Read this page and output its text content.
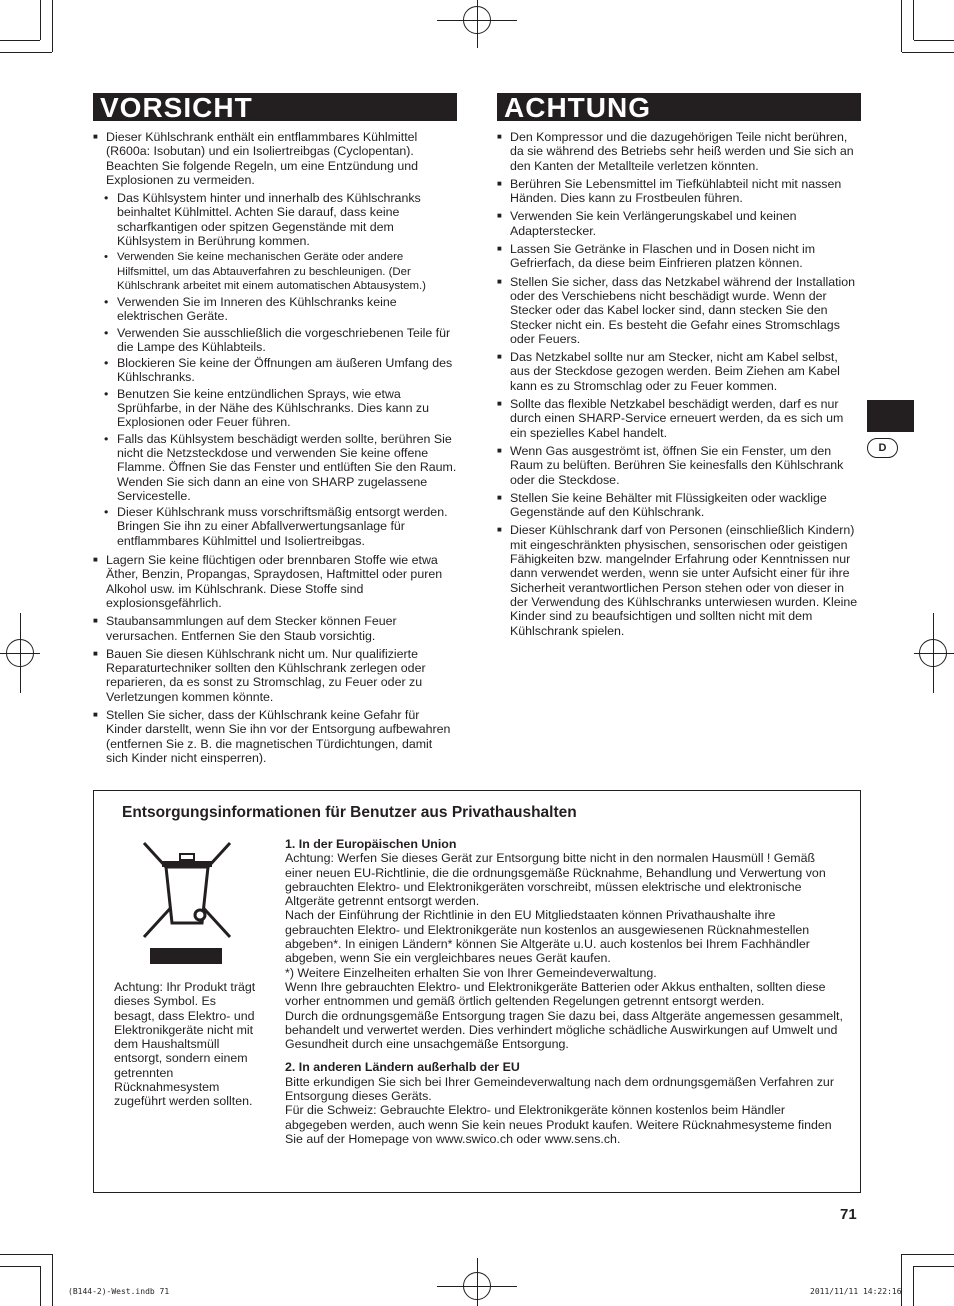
VORSICHT
■ Dieser Kühlschrank enthält ein entflammbares Kühlmittel (R600a: Isobutan) und ein Isoliertreibgas (Cyclopentan). Beachten Sie folgende Regeln, um eine Entzündung und Explosionen zu vermeiden.
• Das Kühlsystem hinter und innerhalb des Kühlschranks beinhaltet Kühlmittel. Achten Sie darauf, dass keine scharfkantigen oder spitzen Gegenstände mit dem Kühlsystem in Berührung kommen.
• Verwenden Sie keine mechanischen Geräte oder andere Hilfsmittel, um das Abtauverfahren zu beschleunigen. (Der Kühlschrank arbeitet mit einem automatischen Abtausystem.)
• Verwenden Sie im Inneren des Kühlschranks keine elektrischen Geräte.
• Verwenden Sie ausschließlich die vorgeschriebenen Teile für die Lampe des Kühlabteils.
• Blockieren Sie keine der Öffnungen am äußeren Umfang des Kühlschranks.
• Benutzen Sie keine entzündlichen Sprays, wie etwa Sprühfarbe, in der Nähe des Kühlschranks. Dies kann zu Explosionen oder Feuer führen.
• Falls das Kühlsystem beschädigt werden sollte, berühren Sie nicht die Netzsteckdose und verwenden Sie keine offene Flamme. Öffnen Sie das Fenster und entlüften Sie den Raum. Wenden Sie sich dann an eine von SHARP zugelassene Servicestelle.
• Dieser Kühlschrank muss vorschriftsmäßig entsorgt werden. Bringen Sie ihn zu einer Abfallverwertungsanlage für entflammbares Kühlmittel und Isoliertreibgas.
■ Lagern Sie keine flüchtigen oder brennbaren Stoffe wie etwa Äther, Benzin, Propangas, Spraydosen, Haftmittel oder puren Alkohol usw. im Kühlschrank. Diese Stoffe sind explosionsgefährlich.
■ Staubansammlungen auf dem Stecker können Feuer verursachen. Entfernen Sie den Staub vorsichtig.
■ Bauen Sie diesen Kühlschrank nicht um. Nur qualifizierte Reparaturtechniker sollten den Kühlschrank zerlegen oder reparieren, da es sonst zu Stromschlag, zu Feuer oder zu Verletzungen kommen könnte.
■ Stellen Sie sicher, dass der Kühlschrank keine Gefahr für Kinder darstellt, wenn Sie ihn vor der Entsorgung aufbewahren (entfernen Sie z. B. die magnetischen Türdichtungen, damit sich Kinder nicht einsperren).
ACHTUNG
■ Den Kompressor und die dazugehörigen Teile nicht berühren, da sie während des Betriebs sehr heiß werden und Sie sich an den Kanten der Metallteile verletzen könnten.
■ Berühren Sie Lebensmittel im Tiefkühlabteil nicht mit nassen Händen. Dies kann zu Frostbeulen führen.
■ Verwenden Sie kein Verlängerungskabel und keinen Adapterstecker.
■ Lassen Sie Getränke in Flaschen und in Dosen nicht im Gefrierfach, da diese beim Einfrieren platzen können.
■ Stellen Sie sicher, dass das Netzkabel während der Installation oder des Verschiebens nicht beschädigt wurde. Wenn der Stecker oder das Kabel locker sind, dann stecken Sie den Stecker nicht ein. Es besteht die Gefahr eines Stromschlags oder Feuers.
■ Das Netzkabel sollte nur am Stecker, nicht am Kabel selbst, aus der Steckdose gezogen werden. Beim Ziehen am Kabel kann es zu Stromschlag oder zu Feuer kommen.
■ Sollte das flexible Netzkabel beschädigt werden, darf es nur durch einen SHARP-Service erneuert werden, da es sich um ein spezielles Kabel handelt.
■ Wenn Gas ausgeströmt ist, öffnen Sie ein Fenster, um den Raum zu belüften. Berühren Sie keinesfalls den Kühlschrank oder die Steckdose.
■ Stellen Sie keine Behälter mit Flüssigkeiten oder wacklige Gegenstände auf den Kühlschrank.
■ Dieser Kühlschrank darf von Personen (einschließlich Kindern) mit eingeschränkten physischen, sensorischen oder geistigen Fähigkeiten bzw. mangelnder Erfahrung oder Kenntnissen nur dann verwendet werden, wenn sie unter Aufsicht einer für ihre Sicherheit verantwortlichen Person stehen oder von dieser in der Verwendung des Kühlschranks unterwiesen wurden. Kleine Kinder sind zu beaufsichtigen und sollten nicht mit dem Kühlschrank spielen.
D
Entsorgungsinformationen für Benutzer aus Privathaushalten
Achtung: Ihr Produkt trägt dieses Symbol. Es besagt, dass Elektro- und Elektronikgeräte nicht mit dem Haushaltsmüll entsorgt, sondern einem getrennten Rücknahmesystem zugeführt werden sollten.

1. In der Europäischen Union

Achtung: Werfen Sie dieses Gerät zur Entsorgung bitte nicht in den normalen Hausmüll ! Gemäß einer neuen EU-Richtlinie, die die ordnungsgemäße Rücknahme, Behandlung und Verwertung von gebrauchten Elektro- und Elektronikgeräten vorschreibt, müssen elektrische und elektronische Altgeräte getrennt entsorgt werden.

Nach der Einführung der Richtlinie in den EU Mitgliedstaaten können Privathaushalte ihre gebrauchten Elektro- und Elektronikgeräte nun kostenlos an ausgewiesenen Rücknahmestellen abgeben*. In einigen Ländern* können Sie Altgeräte u.U. auch kostenlos bei Ihrem Fachhändler abgeben, wenn Sie ein vergleichbares neues Gerät kaufen.

*) Weitere Einzelheiten erhalten Sie von Ihrer Gemeindeverwaltung.

Wenn Ihre gebrauchten Elektro- und Elektronikgeräte Batterien oder Akkus enthalten, sollten diese vorher entnommen und gemäß örtlich geltenden Regelungen getrennt entsorgt werden.

Durch die ordnungsgemäße Entsorgung tragen Sie dazu bei, dass Altgeräte angemessen gesammelt, behandelt und verwertet werden. Dies verhindert mögliche schädliche Auswirkungen auf Umwelt und Gesundheit durch eine unsachgemäße Entsorgung.

2. In anderen Ländern außerhalb der EU

Bitte erkundigen Sie sich bei Ihrer Gemeindeverwaltung nach dem ordnungsgemäßen Verfahren zur Entsorgung dieses Geräts.

Für die Schweiz: Gebrauchte Elektro- und Elektronikgeräte können kostenlos beim Händler abgegeben werden, auch wenn Sie kein neues Produkt kaufen. Weitere Rücknahmesysteme finden Sie auf der Homepage von www.swico.ch oder www.sens.ch.

71
(B144-2)-West.indb 71	2011/11/11 14:22:16
